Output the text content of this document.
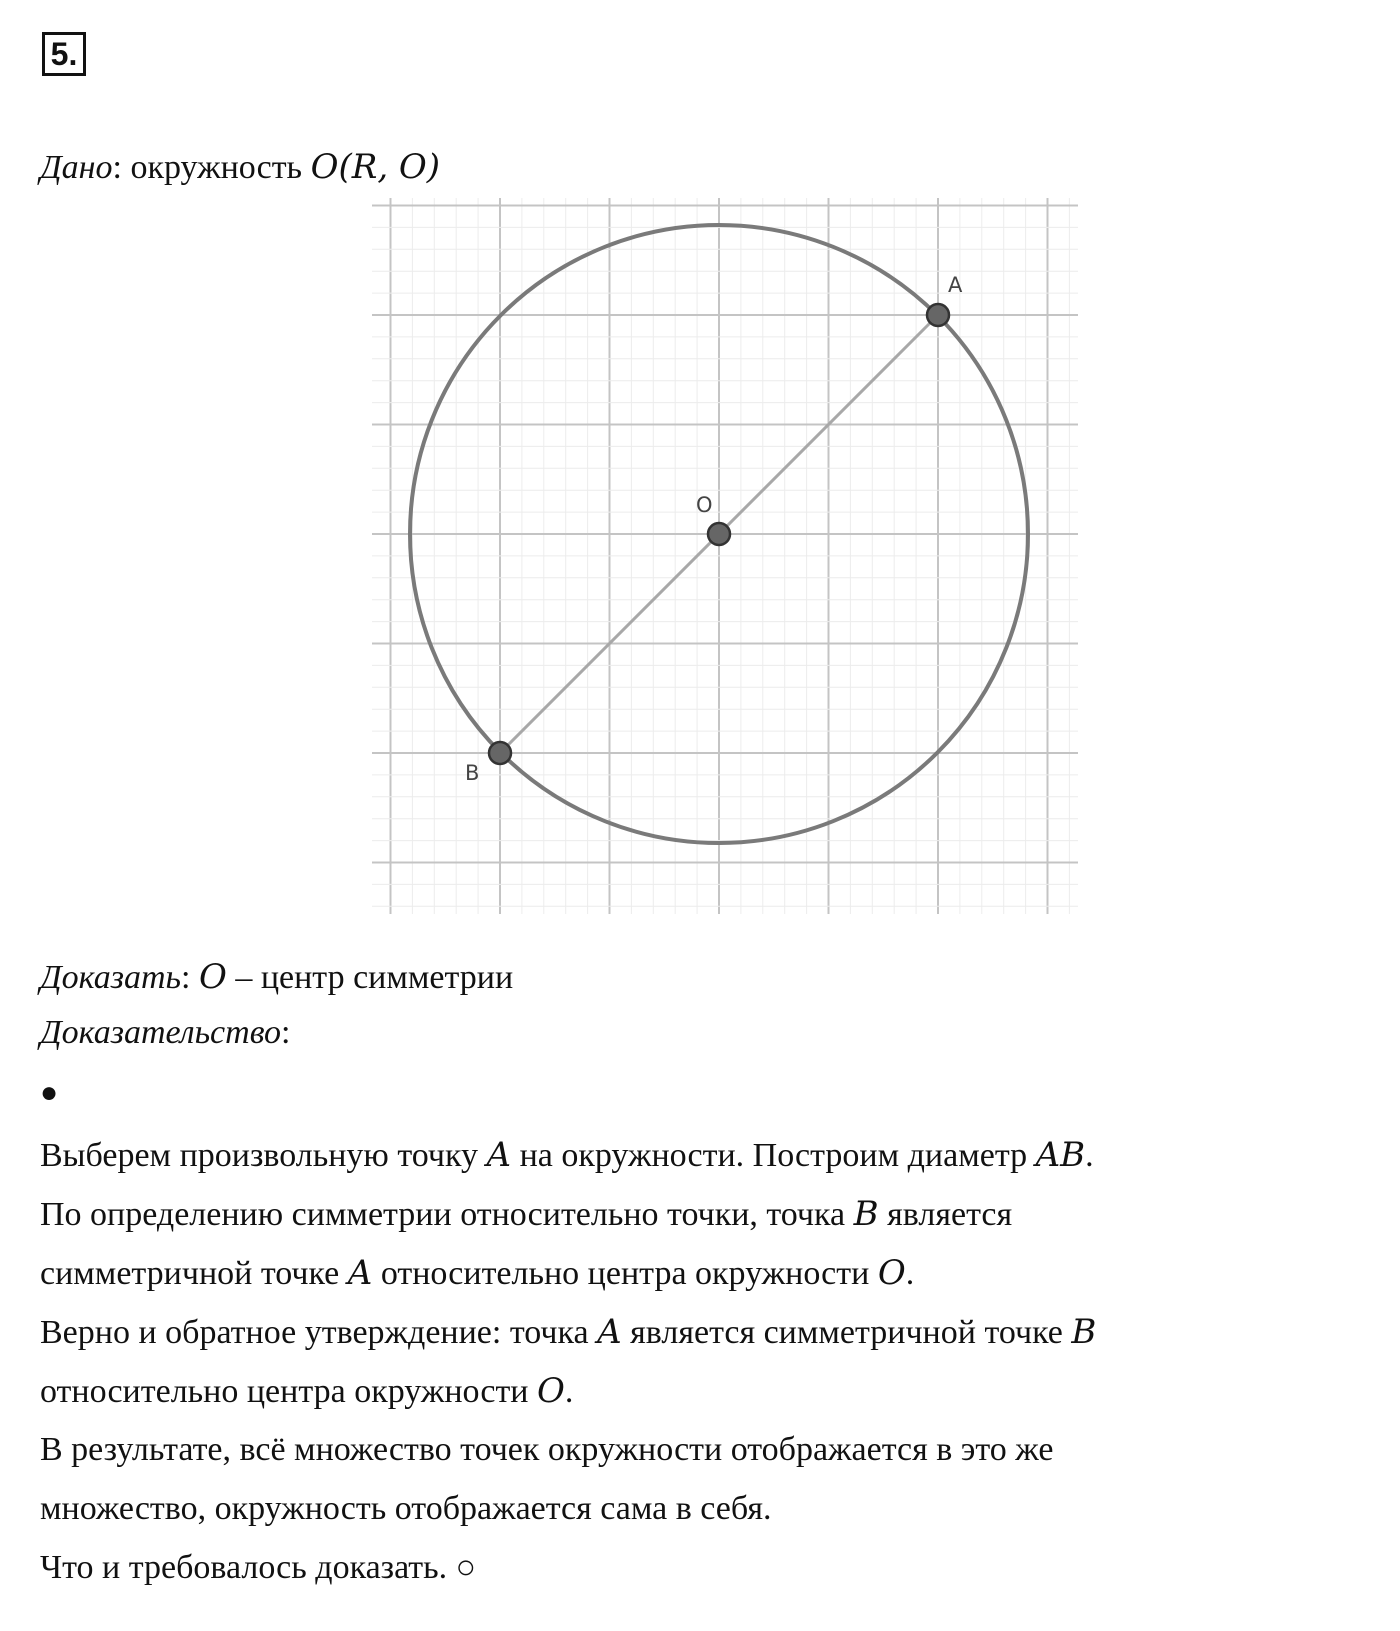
5.
Дано: окружность O(R, O)
O
A
B
Доказать: O – центр симметрии
Доказательство:
●
Выберем произвольную точку A на окружности. Построим диаметр AB.
По определению симметрии относительно точки, точка B является
симметричной точке A относительно центра окружности O.
Верно и обратное утверждение: точка A является симметричной точке B
относительно центра окружности O.
В результате, всё множество точек окружности отображается в это же
множество, окружность отображается сама в себя.
Что и требовалось доказать. ○
